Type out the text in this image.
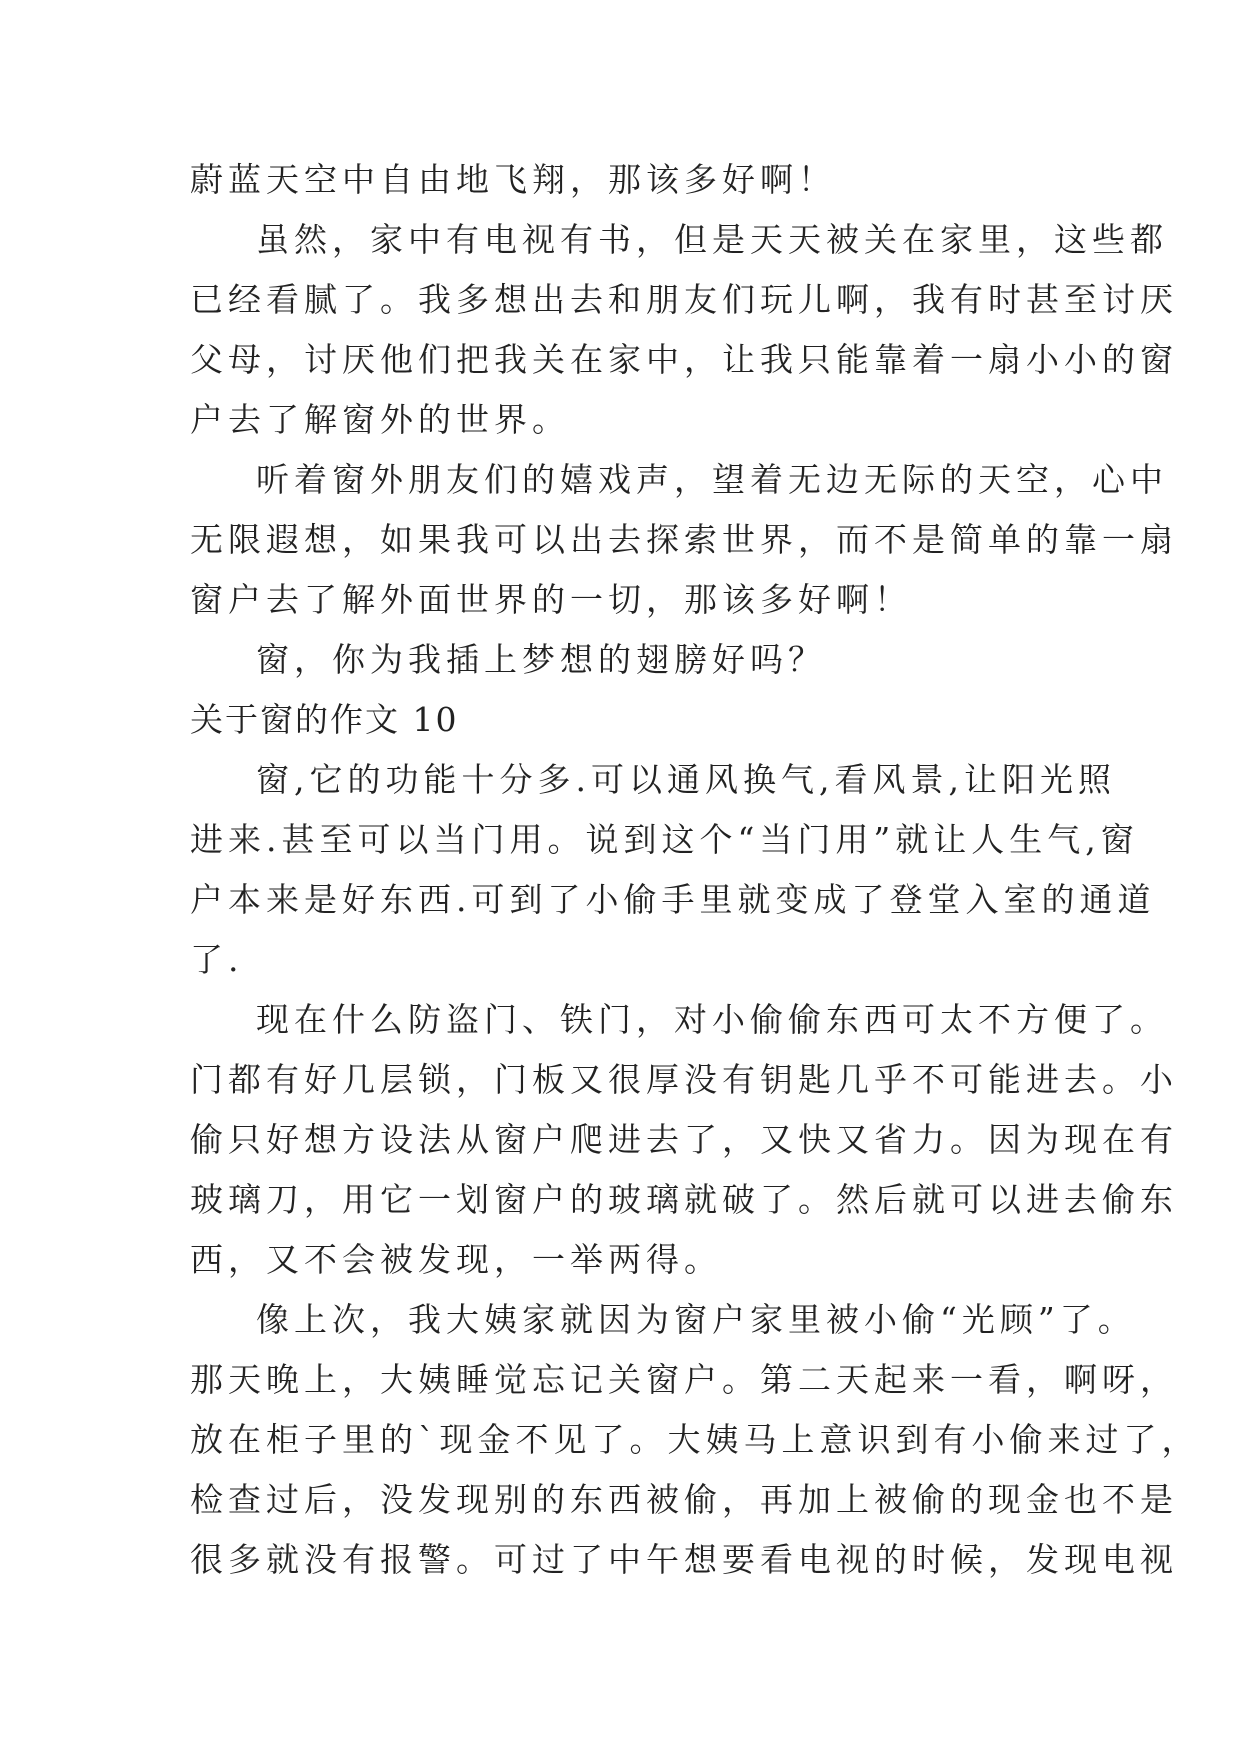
蔚蓝天空中自由地飞翔，那该多好啊！
虽然，家中有电视有书，但是天天被关在家里，这些都
已经看腻了。我多想出去和朋友们玩儿啊，我有时甚至讨厌
父母，讨厌他们把我关在家中，让我只能靠着一扇小小的窗
户去了解窗外的世界。
听着窗外朋友们的嬉戏声，望着无边无际的天空，心中
无限遐想，如果我可以出去探索世界，而不是简单的靠一扇
窗户去了解外面世界的一切，那该多好啊！
窗，你为我插上梦想的翅膀好吗？
关于窗的作文 10
窗,它的功能十分多.可以通风换气,看风景,让阳光照
进来.甚至可以当门用。说到这个“当门用”就让人生气,窗
户本来是好东西.可到了小偷手里就变成了登堂入室的通道
了.
现在什么防盗门、铁门，对小偷偷东西可太不方便了。
门都有好几层锁，门板又很厚没有钥匙几乎不可能进去。小
偷只好想方设法从窗户爬进去了，又快又省力。因为现在有
玻璃刀，用它一划窗户的玻璃就破了。然后就可以进去偷东
西，又不会被发现，一举两得。
像上次，我大姨家就因为窗户家里被小偷“光顾”了。
那天晚上，大姨睡觉忘记关窗户。第二天起来一看，啊呀，
放在柜子里的`现金不见了。大姨马上意识到有小偷来过了，
检查过后，没发现别的东西被偷，再加上被偷的现金也不是
很多就没有报警。可过了中午想要看电视的时候，发现电视
